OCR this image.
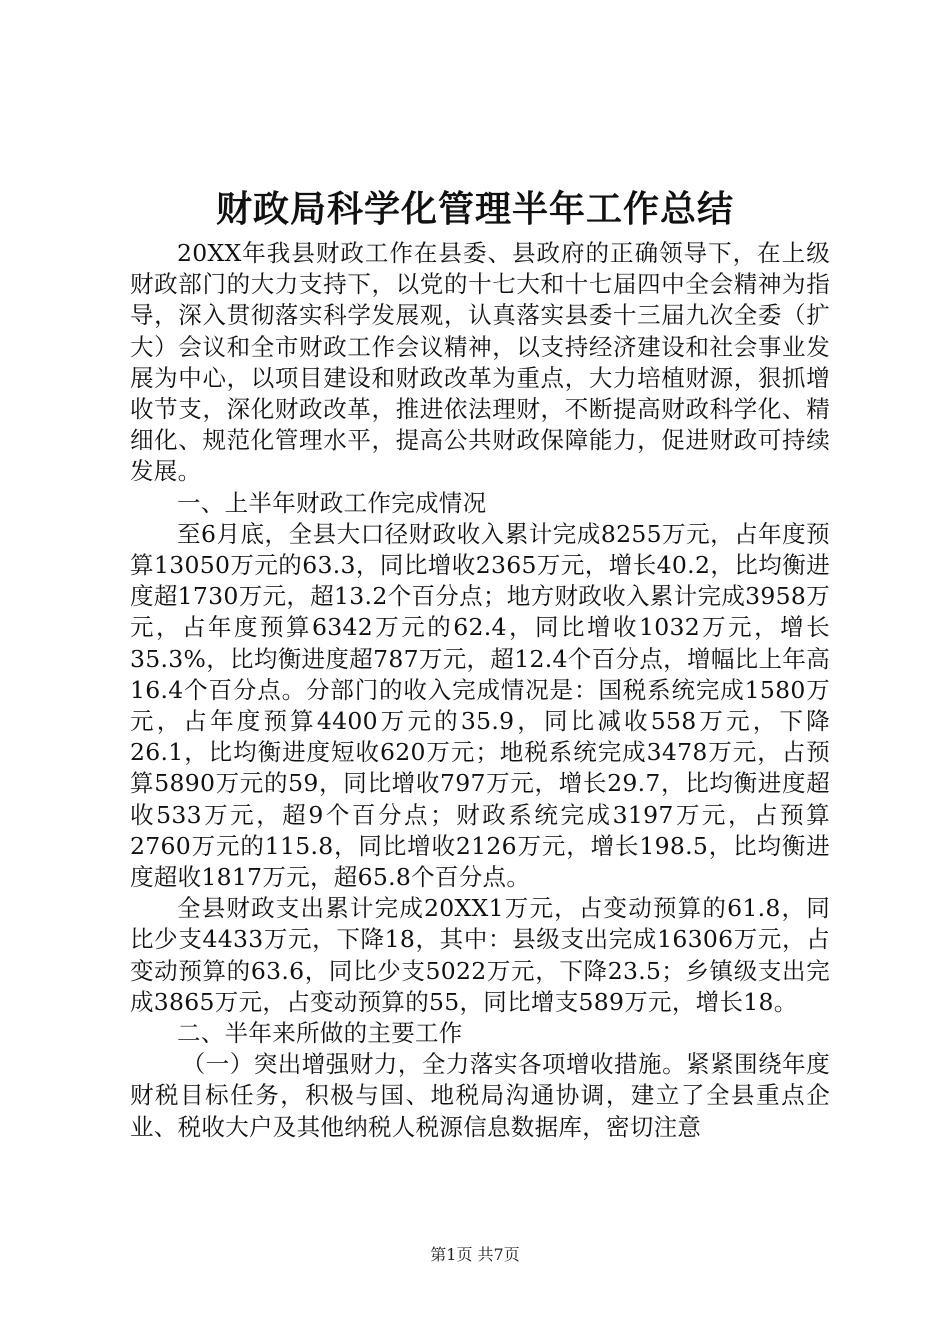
财政局科学化管理半年工作总结

20XX年我县财政工作在县委、县政府的正确领导下，在上级财政部门的大力支持下，以党的十七大和十七届四中全会精神为指导，深入贯彻落实科学发展观，认真落实县委十三届九次全委（扩大）会议和全市财政工作会议精神，以支持经济建设和社会事业发展为中心，以项目建设和财政改革为重点，大力培植财源，狠抓增收节支，深化财政改革，推进依法理财，不断提高财政科学化、精细化、规范化管理水平，提高公共财政保障能力，促进财政可持续发展。

一、上半年财政工作完成情况

至6月底，全县大口径财政收入累计完成8255万元，占年度预算13050万元的63.3，同比增收2365万元，增长40.2，比均衡进度超1730万元，超13.2个百分点；地方财政收入累计完成3958万元，占年度预算6342万元的62.4，同比增收1032万元，增长35.3%，比均衡进度超787万元，超12.4个百分点，增幅比上年高16.4个百分点。分部门的收入完成情况是：国税系统完成1580万元，占年度预算4400万元的35.9，同比减收558万元，下降26.1，比均衡进度短收620万元；地税系统完成3478万元，占预算5890万元的59，同比增收797万元，增长29.7，比均衡进度超收533万元，超9个百分点；财政系统完成3197万元，占预算2760万元的115.8，同比增收2126万元，增长198.5，比均衡进度超收1817万元，超65.8个百分点。

全县财政支出累计完成20XX1万元，占变动预算的61.8，同比少支4433万元，下降18，其中：县级支出完成16306万元，占变动预算的63.6，同比少支5022万元，下降23.5；乡镇级支出完成3865万元，占变动预算的55，同比增支589万元，增长18。

二、半年来所做的主要工作

（一）突出增强财力，全力落实各项增收措施。紧紧围绕年度财税目标任务，积极与国、地税局沟通协调，建立了全县重点企业、税收大户及其他纳税人税源信息数据库，密切注意

第1页 共7页
